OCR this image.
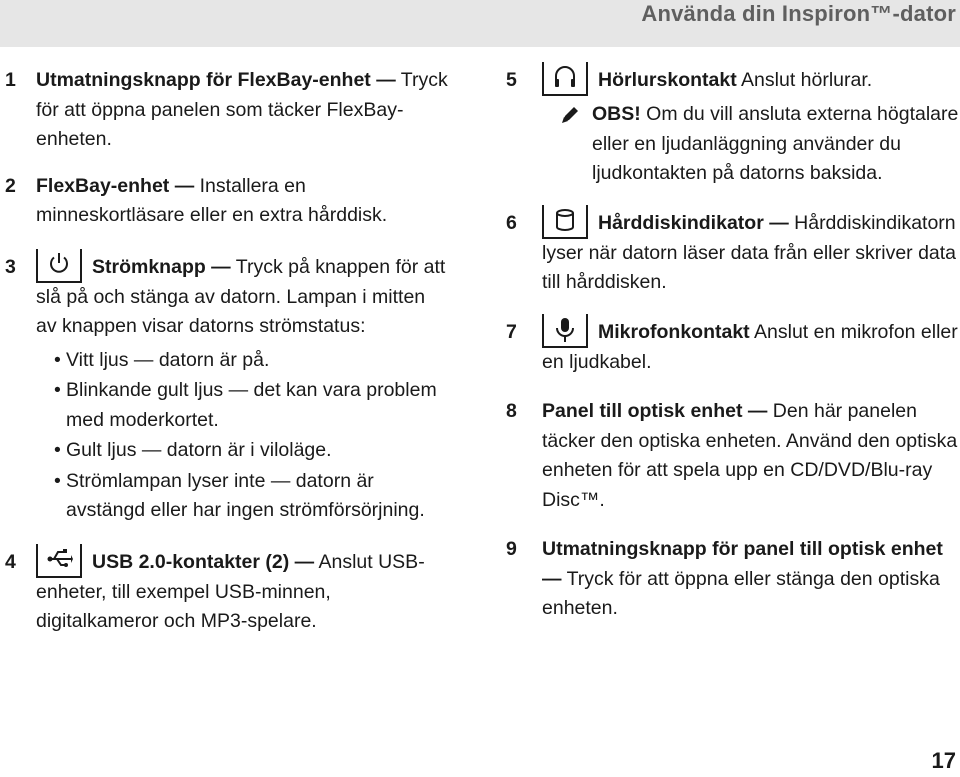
Använda din Inspiron™-dator
1 Utmatningsknapp för FlexBay-enhet — Tryck för att öppna panelen som täcker FlexBay-enheten.
2 FlexBay-enhet — Installera en minneskortläsare eller en extra hårddisk.
3	Strömknapp — Tryck på knappen för att slå på och stänga av datorn. Lampan i mitten av knappen visar datorns strömstatus:
• Vitt ljus — datorn är på.
• Blinkande gult ljus — det kan vara problem med moderkortet.
• Gult ljus — datorn är i viloläge.
• Strömlampan lyser inte — datorn är avstängd eller har ingen strömförsörjning.
4	USB 2.0-kontakter (2) — Anslut USB-enheter, till exempel USB-minnen, digitalkameror och MP3-spelare.
5	Hörlurskontakt Anslut hörlurar.
OBS! Om du vill ansluta externa högtalare eller en ljudanläggning använder du ljudkontakten på datorns baksida.
6	Hårddiskindikator — Hårddiskindikatorn lyser när datorn läser data från eller skriver data till hårddisken.
7	Mikrofonkontakt Anslut en mikrofon eller en ljudkabel.
8 Panel till optisk enhet — Den här panelen täcker den optiska enheten. Använd den optiska enheten för att spela upp en CD/DVD/Blu-ray Disc™.
9 Utmatningsknapp för panel till optisk enhet — Tryck för att öppna eller stänga den optiska enheten.
17
